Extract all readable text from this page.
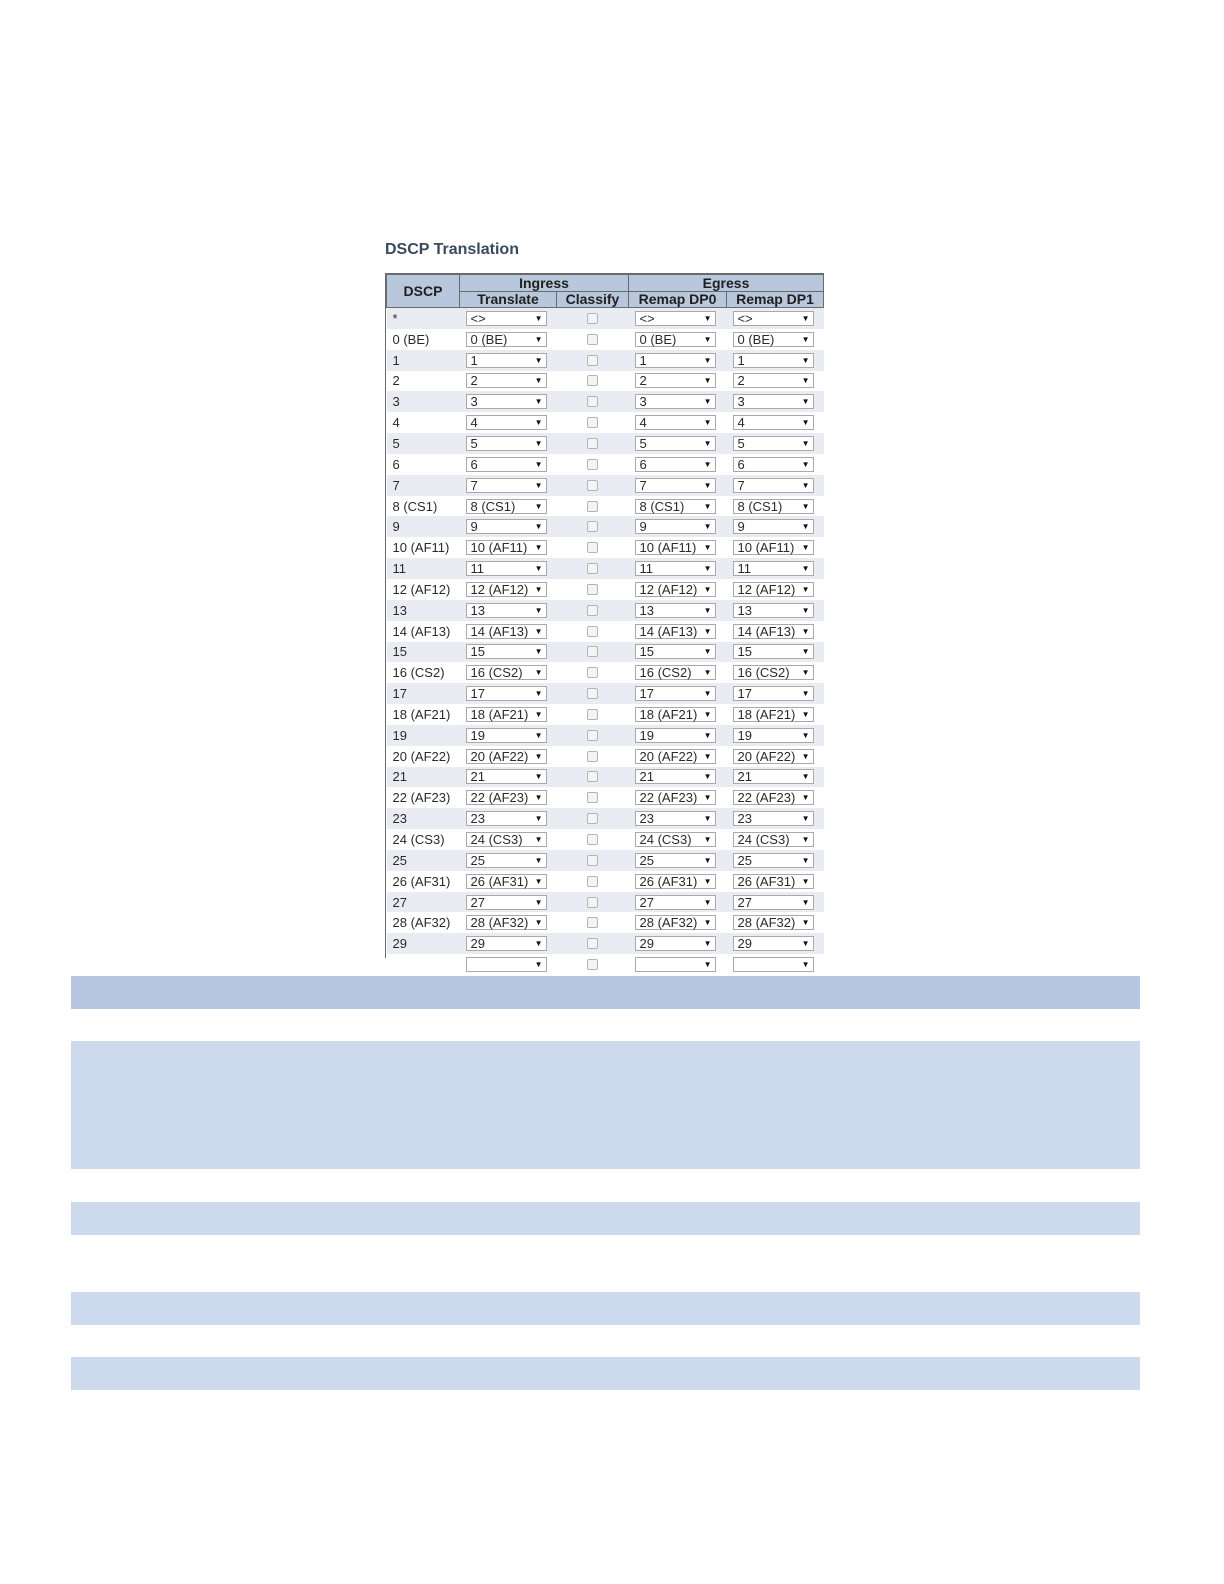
DSCP Translation
DSCP	Ingress		Egress	
	Translate	Classify	Remap DP0	Remap DP1
*	<> ▼		<> ▼	<> ▼

0 (BE)	0 (BE) ▼		0 (BE) ▼	0 (BE) ▼

1	1 ▼		1 ▼	1 ▼

2	2 ▼		2 ▼	2 ▼

3	3 ▼		3 ▼	3 ▼

4	4 ▼		4 ▼	4 ▼

5	5 ▼		5 ▼	5 ▼

6	6 ▼		6 ▼	6 ▼

7	7 ▼		7 ▼	7 ▼

8 (CS1)	8 (CS1) ▼		8 (CS1) ▼	8 (CS1) ▼

9	9 ▼		9 ▼	9 ▼

10 (AF11)	10 (AF11) ▼		10 (AF11) ▼	10 (AF11) ▼

11	11 ▼		11 ▼	11 ▼

12 (AF12)	12 (AF12) ▼		12 (AF12) ▼	12 (AF12) ▼

13	13 ▼		13 ▼	13 ▼

14 (AF13)	14 (AF13) ▼		14 (AF13) ▼	14 (AF13) ▼

15	15 ▼		15 ▼	15 ▼

16 (CS2)	16 (CS2) ▼		16 (CS2) ▼	16 (CS2) ▼

17	17 ▼		17 ▼	17 ▼

18 (AF21)	18 (AF21) ▼		18 (AF21) ▼	18 (AF21) ▼

19	19 ▼		19 ▼	19 ▼

20 (AF22)	20 (AF22) ▼		20 (AF22) ▼	20 (AF22) ▼

21	21 ▼		21 ▼	21 ▼

22 (AF23)	22 (AF23) ▼		22 (AF23) ▼	22 (AF23) ▼

23	23 ▼		23 ▼	23 ▼

24 (CS3)	24 (CS3) ▼		24 (CS3) ▼	24 (CS3) ▼

25	25 ▼		25 ▼	25 ▼

26 (AF31)	26 (AF31) ▼		26 (AF31) ▼	26 (AF31) ▼

27	27 ▼		27 ▼	27 ▼

28 (AF32)	28 (AF32) ▼		28 (AF32) ▼	28 (AF32) ▼

29	29 ▼		29 ▼	29 ▼

	▼		▼	▼
